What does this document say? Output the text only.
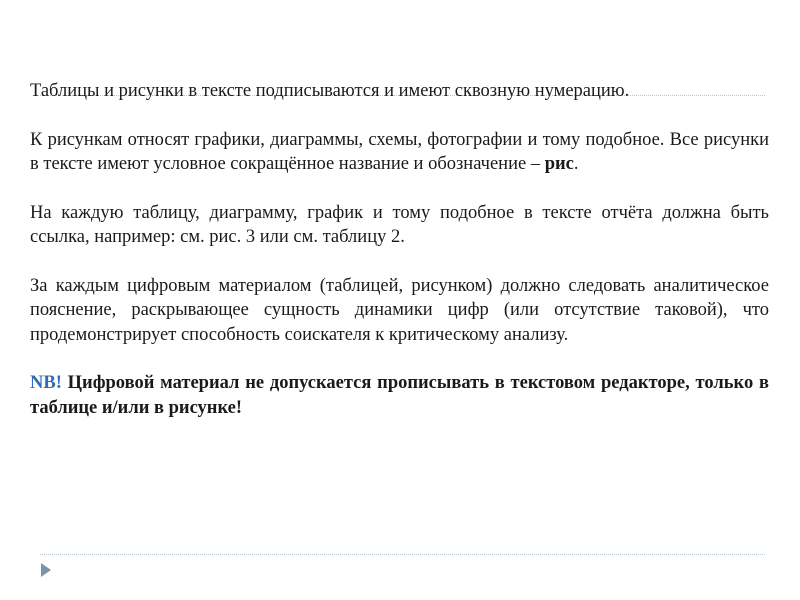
Таблицы и рисунки в тексте подписываются и имеют сквозную нумерацию.

К рисункам относят графики, диаграммы, схемы, фотографии и тому подобное. Все рисунки в тексте имеют условное сокращённое название и обозначение – рис.

На каждую таблицу, диаграмму, график и тому подобное в тексте отчёта должна быть ссылка, например: см. рис. 3 или см. таблицу 2.

За каждым цифровым материалом (таблицей, рисунком) должно следовать аналитическое пояснение, раскрывающее сущность динамики цифр (или отсутствие таковой), что продемонстрирует способность соискателя к критическому анализу.

NB! Цифровой материал не допускается прописывать в текстовом редакторе, только в таблице и/или в рисунке!
